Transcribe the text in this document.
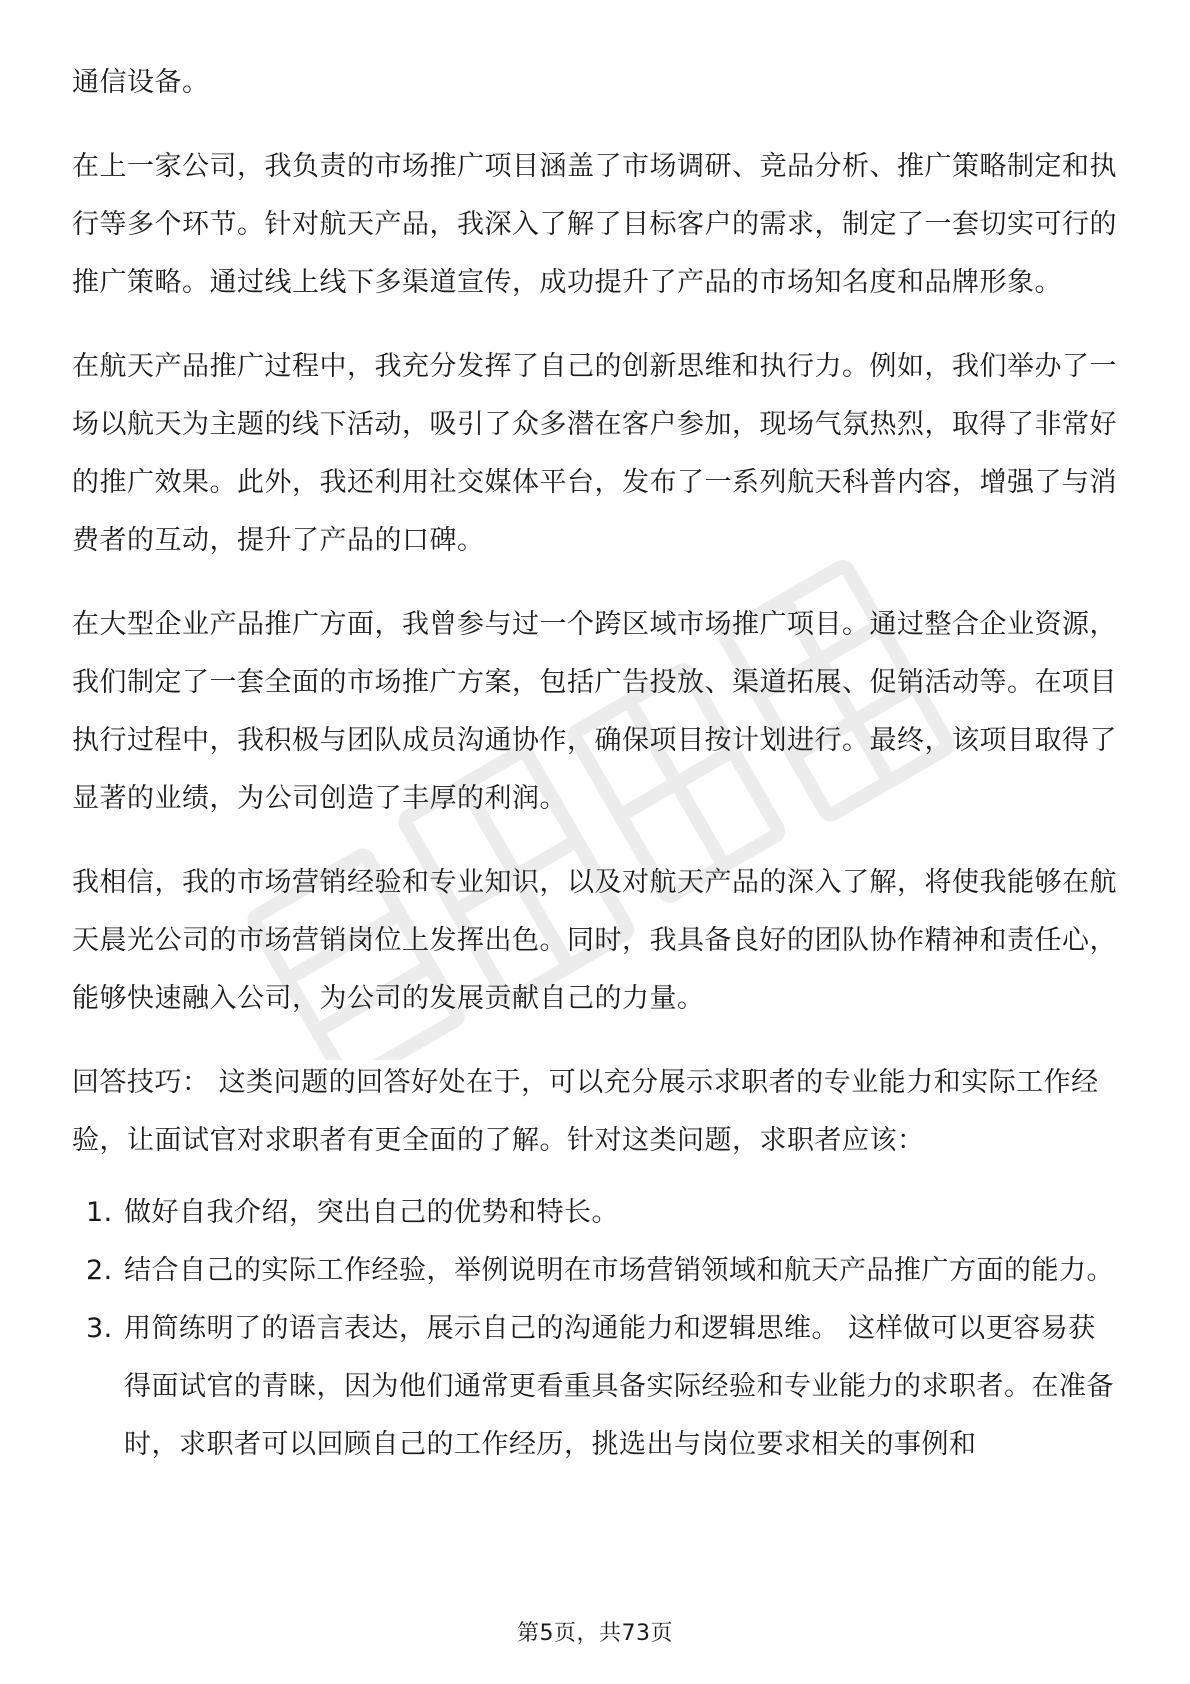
通信设备。

在上一家公司，我负责的市场推广项目涵盖了市场调研、竞品分析、推广策略制定和执行等多个环节。针对航天产品，我深入了解了目标客户的需求，制定了一套切实可行的推广策略。通过线上线下多渠道宣传，成功提升了产品的市场知名度和品牌形象。

在航天产品推广过程中，我充分发挥了自己的创新思维和执行力。例如，我们举办了一场以航天为主题的线下活动，吸引了众多潜在客户参加，现场气氛热烈，取得了非常好的推广效果。此外，我还利用社交媒体平台，发布了一系列航天科普内容，增强了与消费者的互动，提升了产品的口碑。

在大型企业产品推广方面，我曾参与过一个跨区域市场推广项目。通过整合企业资源，我们制定了一套全面的市场推广方案，包括广告投放、渠道拓展、促销活动等。在项目执行过程中，我积极与团队成员沟通协作，确保项目按计划进行。最终，该项目取得了显著的业绩，为公司创造了丰厚的利润。

我相信，我的市场营销经验和专业知识，以及对航天产品的深入了解，将使我能够在航天晨光公司的市场营销岗位上发挥出色。同时，我具备良好的团队协作精神和责任心，能够快速融入公司，为公司的发展贡献自己的力量。

回答技巧： 这类问题的回答好处在于，可以充分展示求职者的专业能力和实际工作经验，让面试官对求职者有更全面的了解。针对这类问题，求职者应该：

1. 做好自我介绍，突出自己的优势和特长。
2. 结合自己的实际工作经验，举例说明在市场营销领域和航天产品推广方面的能力。
3. 用简练明了的语言表达，展示自己的沟通能力和逻辑思维。 这样做可以更容易获得面试官的青睐，因为他们通常更看重具备实际经验和专业能力的求职者。在准备时，求职者可以回顾自己的工作经历，挑选出与岗位要求相关的事例和
第5页，共73页
